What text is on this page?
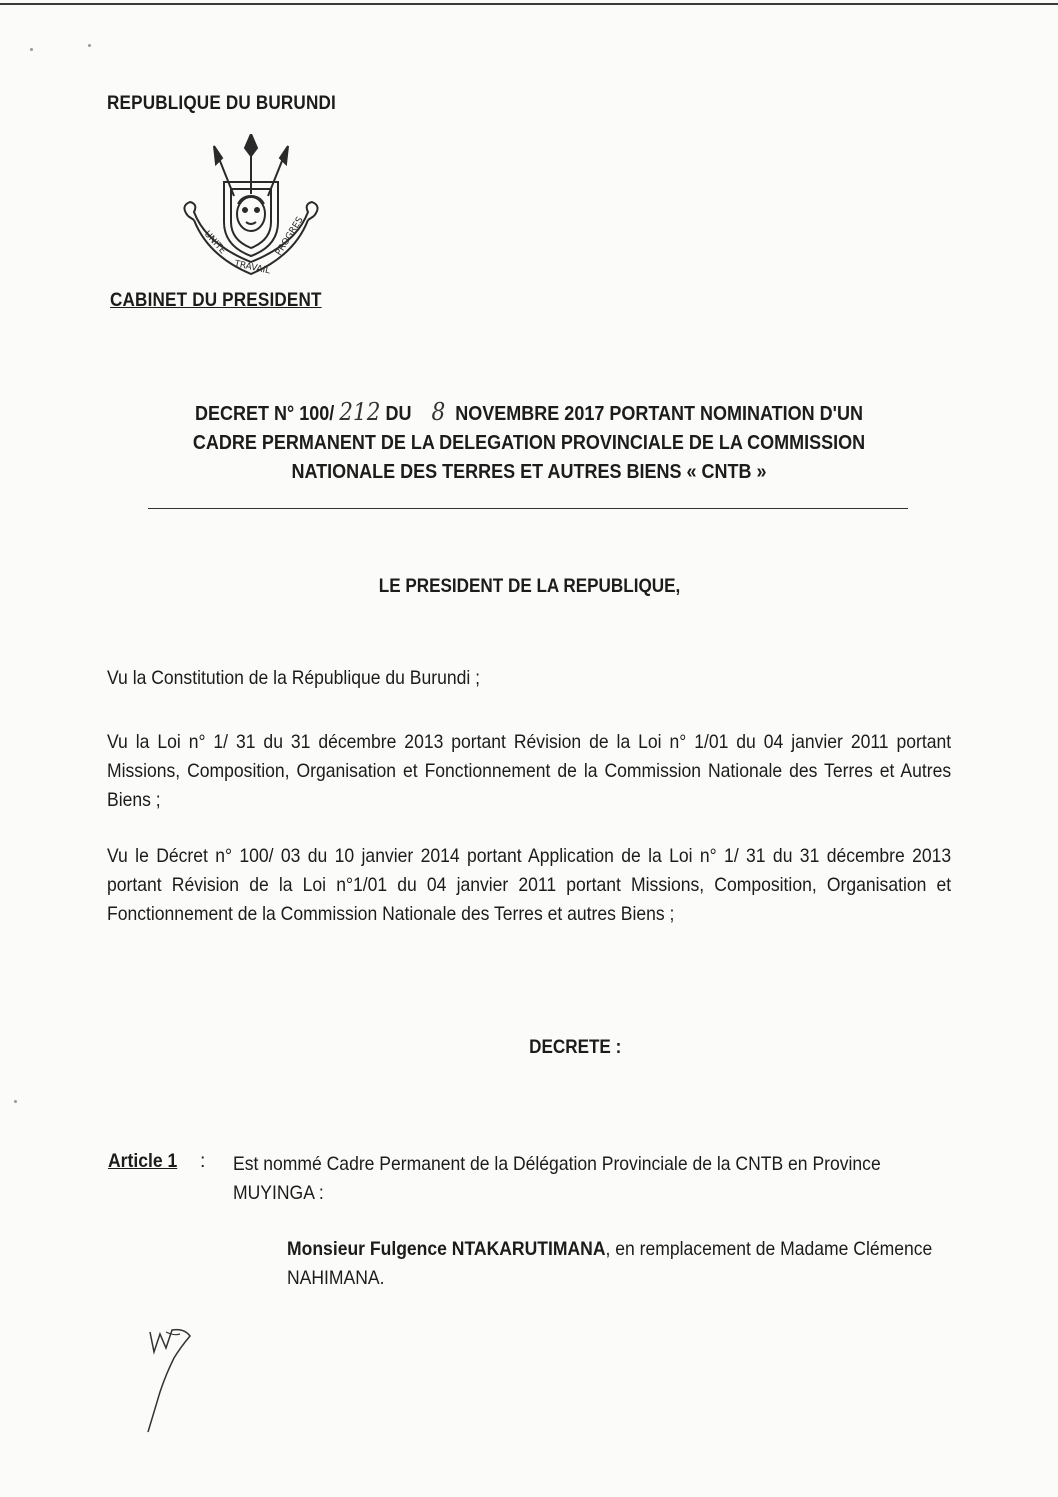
REPUBLIQUE DU BURUNDI
UNITE
TRAVAIL
PROGRES
CABINET DU PRESIDENT
DECRET N° 100/ 212 DU 8 NOVEMBRE 2017 PORTANT NOMINATION D'UN
CADRE PERMANENT DE LA DELEGATION PROVINCIALE DE LA COMMISSION
NATIONALE DES TERRES ET AUTRES BIENS « CNTB »
LE PRESIDENT DE LA REPUBLIQUE,
Vu la Constitution de la République du Burundi ;
Vu la Loi n° 1/ 31 du 31 décembre 2013 portant Révision de la Loi n° 1/01 du 04 janvier 2011 portant Missions, Composition, Organisation et Fonctionnement de la Commission Nationale des Terres et Autres Biens ;
Vu le Décret n° 100/ 03 du 10 janvier 2014 portant Application de la Loi n° 1/ 31 du 31 décembre 2013 portant Révision de la Loi n°1/01 du 04 janvier 2011 portant Missions, Composition, Organisation et Fonctionnement de la Commission Nationale des Terres et autres Biens ;
DECRETE :
Article 1	: Est nommé Cadre Permanent de la Délégation Provinciale de la CNTB en Province MUYINGA :
Monsieur Fulgence NTAKARUTIMANA, en remplacement de Madame Clémence NAHIMANA.
